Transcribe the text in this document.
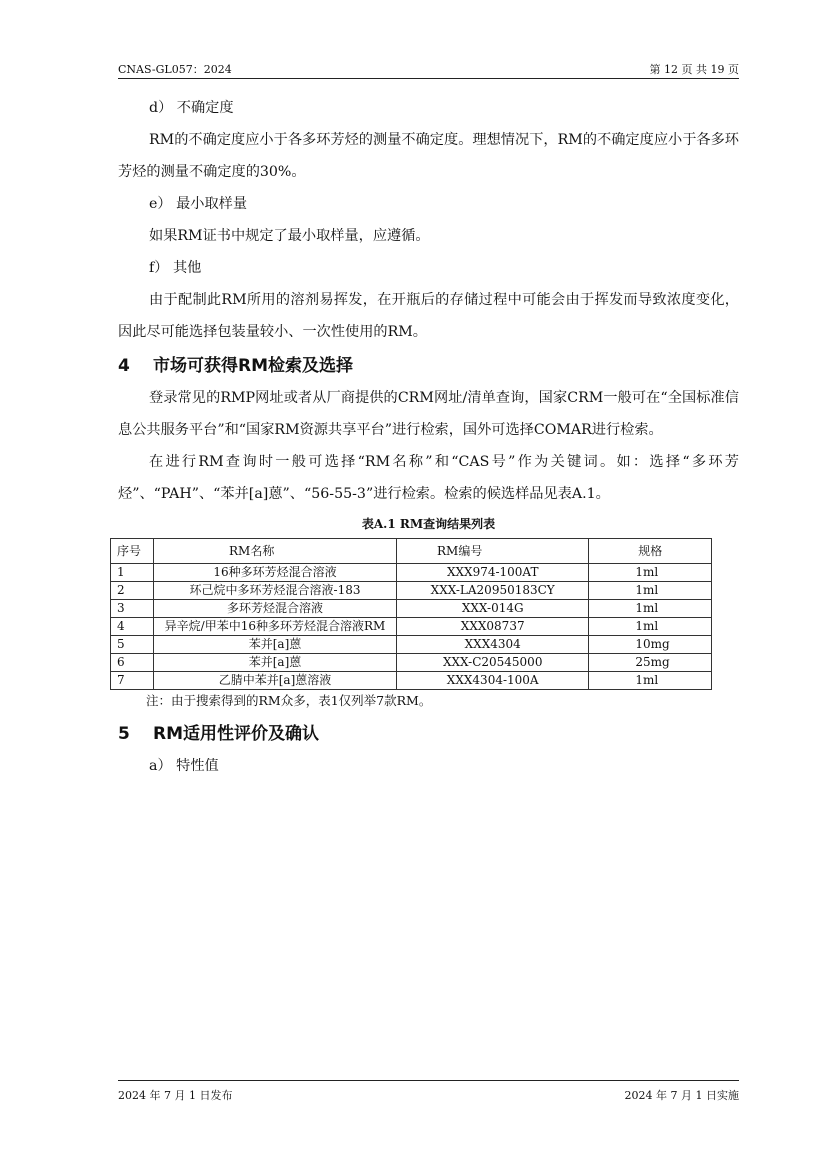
CNAS-GL057：2024	第 12 页 共 19 页
d） 不确定度
RM的不确定度应小于各多环芳烃的测量不确定度。理想情况下，RM的不确定度应小于各多环芳烃的测量不确定度的30%。
e） 最小取样量
如果RM证书中规定了最小取样量，应遵循。
f） 其他
由于配制此RM所用的溶剂易挥发，在开瓶后的存储过程中可能会由于挥发而导致浓度变化，因此尽可能选择包装量较小、一次性使用的RM。
4 市场可获得RM检索及选择
登录常见的RMP网址或者从厂商提供的CRM网址/清单查询，国家CRM一般可在“全国标准信息公共服务平台”和“国家RM资源共享平台”进行检索，国外可选择COMAR进行检索。
在进行RM查询时一般可选择“RM名称”和“CAS号”作为关键词。如：选择“多环芳烃”、“PAH”、“苯并[a]蒽”、“56-55-3”进行检索。检索的候选样品见表A.1。
表A.1 RM查询结果列表
序号	RM名称	RM编号	规格
1	16种多环芳烃混合溶液	XXX974-100AT	1ml
2	环己烷中多环芳烃混合溶液-183	XXX-LA20950183CY	1ml
3	多环芳烃混合溶液	XXX-014G	1ml
4	异辛烷/甲苯中16种多环芳烃混合溶液RM	XXX08737	1ml
5	苯并[a]蒽	XXX4304	10mg
6	苯并[a]蒽	XXX-C20545000	25mg
7	乙腈中苯并[a]蒽溶液	XXX4304-100A	1ml
注：由于搜索得到的RM众多，表1仅列举7款RM。
5 RM适用性评价及确认
a） 特性值
2024 年 7 月 1 日发布	2024 年 7 月 1 日实施
